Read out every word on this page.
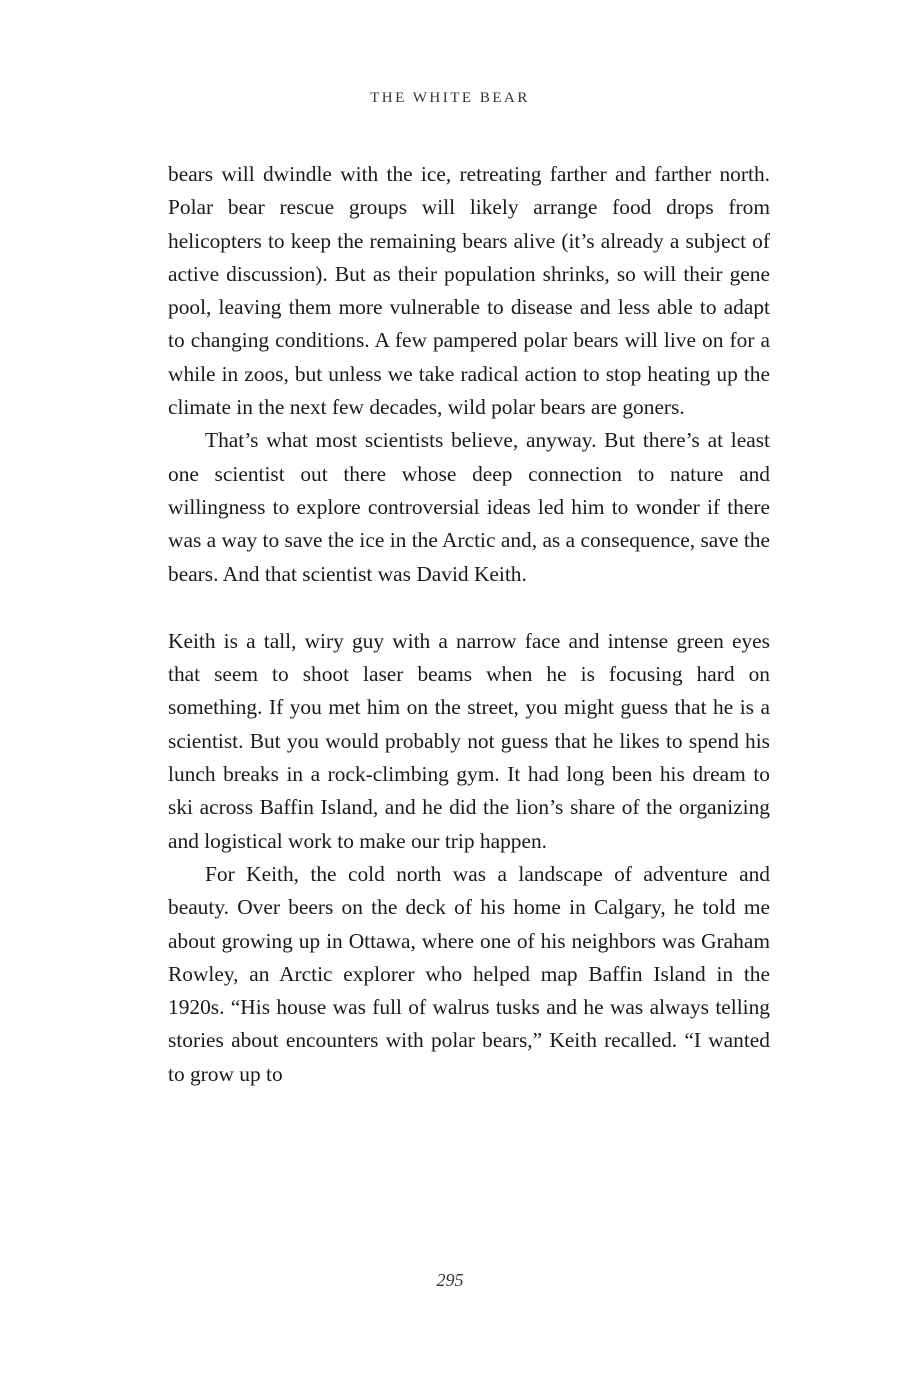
THE WHITE BEAR

bears will dwindle with the ice, retreating farther and farther north. Polar bear rescue groups will likely arrange food drops from helicopters to keep the remaining bears alive (it’s already a subject of active discussion). But as their population shrinks, so will their gene pool, leaving them more vulnerable to disease and less able to adapt to changing conditions. A few pampered polar bears will live on for a while in zoos, but unless we take radical action to stop heating up the climate in the next few decades, wild polar bears are goners.

That’s what most scientists believe, anyway. But there’s at least one scientist out there whose deep connection to nature and willingness to explore controversial ideas led him to wonder if there was a way to save the ice in the Arctic and, as a consequence, save the bears. And that scientist was David Keith.

Keith is a tall, wiry guy with a narrow face and intense green eyes that seem to shoot laser beams when he is focusing hard on something. If you met him on the street, you might guess that he is a scientist. But you would probably not guess that he likes to spend his lunch breaks in a rock-climbing gym. It had long been his dream to ski across Baffin Island, and he did the lion’s share of the organizing and logistical work to make our trip happen.

For Keith, the cold north was a landscape of adventure and beauty. Over beers on the deck of his home in Calgary, he told me about growing up in Ottawa, where one of his neighbors was Graham Rowley, an Arctic explorer who helped map Baffin Island in the 1920s. “His house was full of walrus tusks and he was always telling stories about encounters with polar bears,” Keith recalled. “I wanted to grow up to

295
